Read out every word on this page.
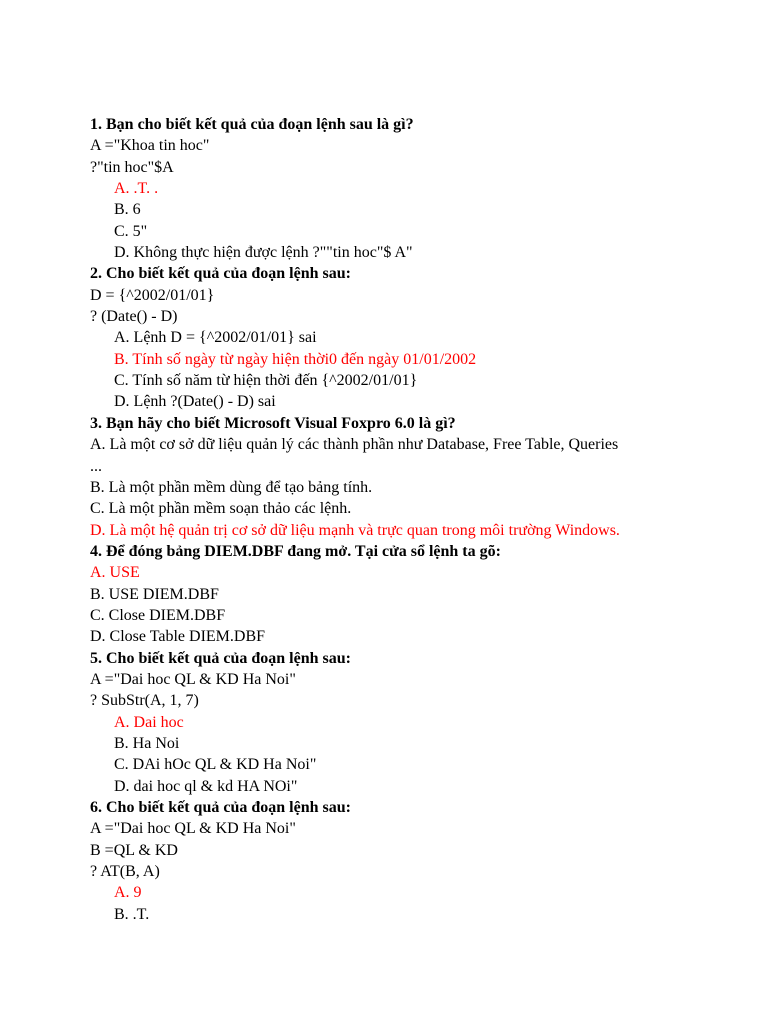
1. Bạn cho biết kết quả của đoạn lệnh sau là gì?
A ="Khoa tin hoc"
?"tin hoc"$A
A. .T. .
B. 6
C. 5"
D. Không thực hiện được lệnh ?""tin hoc"$ A"
2. Cho biết kết quả của đoạn lệnh sau:
D = {^2002/01/01}
? (Date() - D)
A. Lệnh D = {^2002/01/01} sai
B. Tính số ngày từ ngày hiện thời0 đến ngày 01/01/2002
C. Tính số năm từ hiện thời đến {^2002/01/01}
D. Lệnh ?(Date() - D) sai
3. Bạn hãy cho biết Microsoft Visual Foxpro 6.0 là gì?
A. Là một cơ sở dữ liệu quản lý các thành phần như Database, Free Table, Queries
...
B. Là một phần mềm dùng để tạo bảng tính.
C. Là một phần mềm soạn thảo các lệnh.
D. Là một hệ quản trị cơ sở dữ liệu mạnh và trực quan trong môi trường Windows.
4. Để đóng bảng DIEM.DBF đang mở. Tại cửa sổ lệnh ta gõ:
A. USE
B. USE DIEM.DBF
C. Close DIEM.DBF
D. Close Table DIEM.DBF
5. Cho biết kết quả của đoạn lệnh sau:
A ="Dai hoc QL & KD Ha Noi"
? SubStr(A, 1, 7)
A. Dai hoc
B. Ha Noi
C. DAi hOc QL & KD Ha Noi"
D. dai hoc ql & kd HA NOi"
6. Cho biết kết quả của đoạn lệnh sau:
A ="Dai hoc QL & KD Ha Noi"
B =QL & KD
? AT(B, A)
A. 9
B. .T.
